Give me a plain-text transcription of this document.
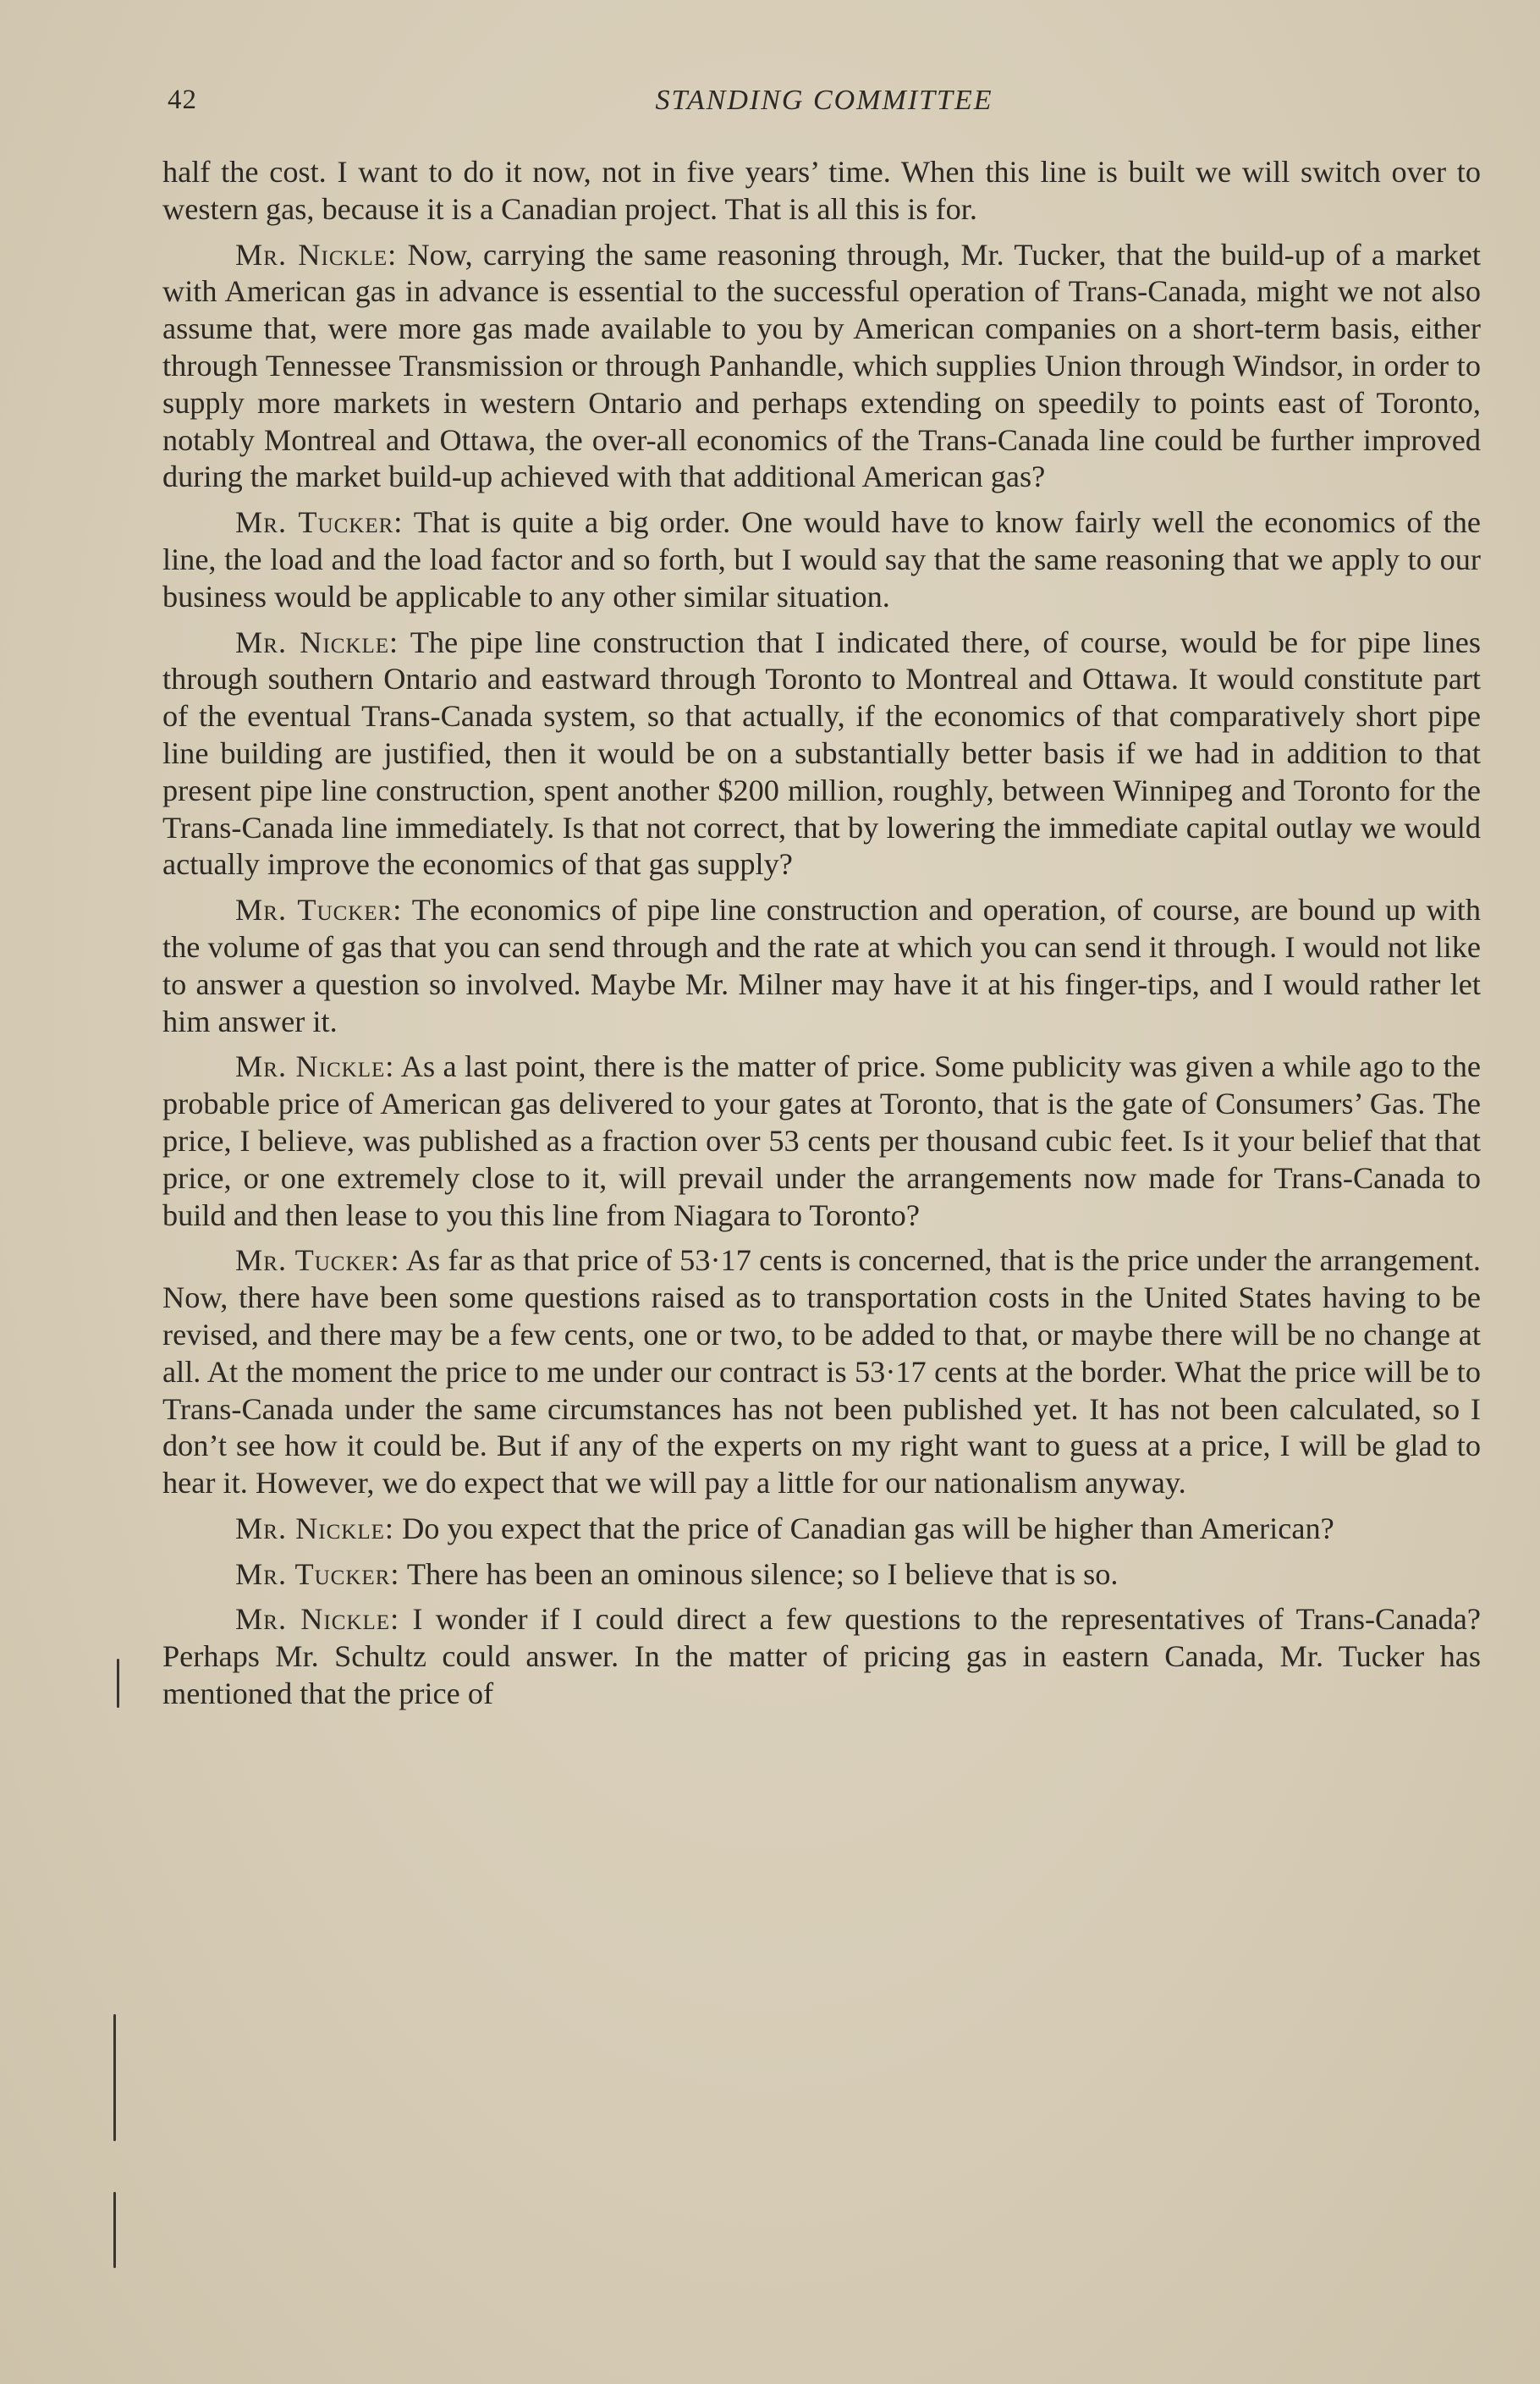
42	STANDING COMMITTEE

half the cost. I want to do it now, not in five years’ time. When this line is built we will switch over to western gas, because it is a Canadian project. That is all this is for.

Mr. Nickle: Now, carrying the same reasoning through, Mr. Tucker, that the build-up of a market with American gas in advance is essential to the successful operation of Trans-Canada, might we not also assume that, were more gas made available to you by American companies on a short-term basis, either through Tennessee Transmission or through Panhandle, which supplies Union through Windsor, in order to supply more markets in western Ontario and perhaps extending on speedily to points east of Toronto, notably Montreal and Ottawa, the over-all economics of the Trans-Canada line could be further improved during the market build-up achieved with that additional American gas?

Mr. Tucker: That is quite a big order. One would have to know fairly well the economics of the line, the load and the load factor and so forth, but I would say that the same reasoning that we apply to our business would be applicable to any other similar situation.

Mr. Nickle: The pipe line construction that I indicated there, of course, would be for pipe lines through southern Ontario and eastward through Toronto to Montreal and Ottawa. It would constitute part of the eventual Trans-Canada system, so that actually, if the economics of that comparatively short pipe line building are justified, then it would be on a substantially better basis if we had in addition to that present pipe line construction, spent another $200 million, roughly, between Winnipeg and Toronto for the Trans-Canada line immediately. Is that not correct, that by lowering the immediate capital outlay we would actually improve the economics of that gas supply?

Mr. Tucker: The economics of pipe line construction and operation, of course, are bound up with the volume of gas that you can send through and the rate at which you can send it through. I would not like to answer a question so involved. Maybe Mr. Milner may have it at his finger-tips, and I would rather let him answer it.

Mr. Nickle: As a last point, there is the matter of price. Some publicity was given a while ago to the probable price of American gas delivered to your gates at Toronto, that is the gate of Consumers’ Gas. The price, I believe, was published as a fraction over 53 cents per thousand cubic feet. Is it your belief that that price, or one extremely close to it, will prevail under the arrangements now made for Trans-Canada to build and then lease to you this line from Niagara to Toronto?

Mr. Tucker: As far as that price of 53·17 cents is concerned, that is the price under the arrangement. Now, there have been some questions raised as to transportation costs in the United States having to be revised, and there may be a few cents, one or two, to be added to that, or maybe there will be no change at all. At the moment the price to me under our contract is 53·17 cents at the border. What the price will be to Trans-Canada under the same circumstances has not been published yet. It has not been calculated, so I don’t see how it could be. But if any of the experts on my right want to guess at a price, I will be glad to hear it. However, we do expect that we will pay a little for our nationalism anyway.

Mr. Nickle: Do you expect that the price of Canadian gas will be higher than American?

Mr. Tucker: There has been an ominous silence; so I believe that is so.

Mr. Nickle: I wonder if I could direct a few questions to the representatives of Trans-Canada? Perhaps Mr. Schultz could answer. In the matter of pricing gas in eastern Canada, Mr. Tucker has mentioned that the price of
